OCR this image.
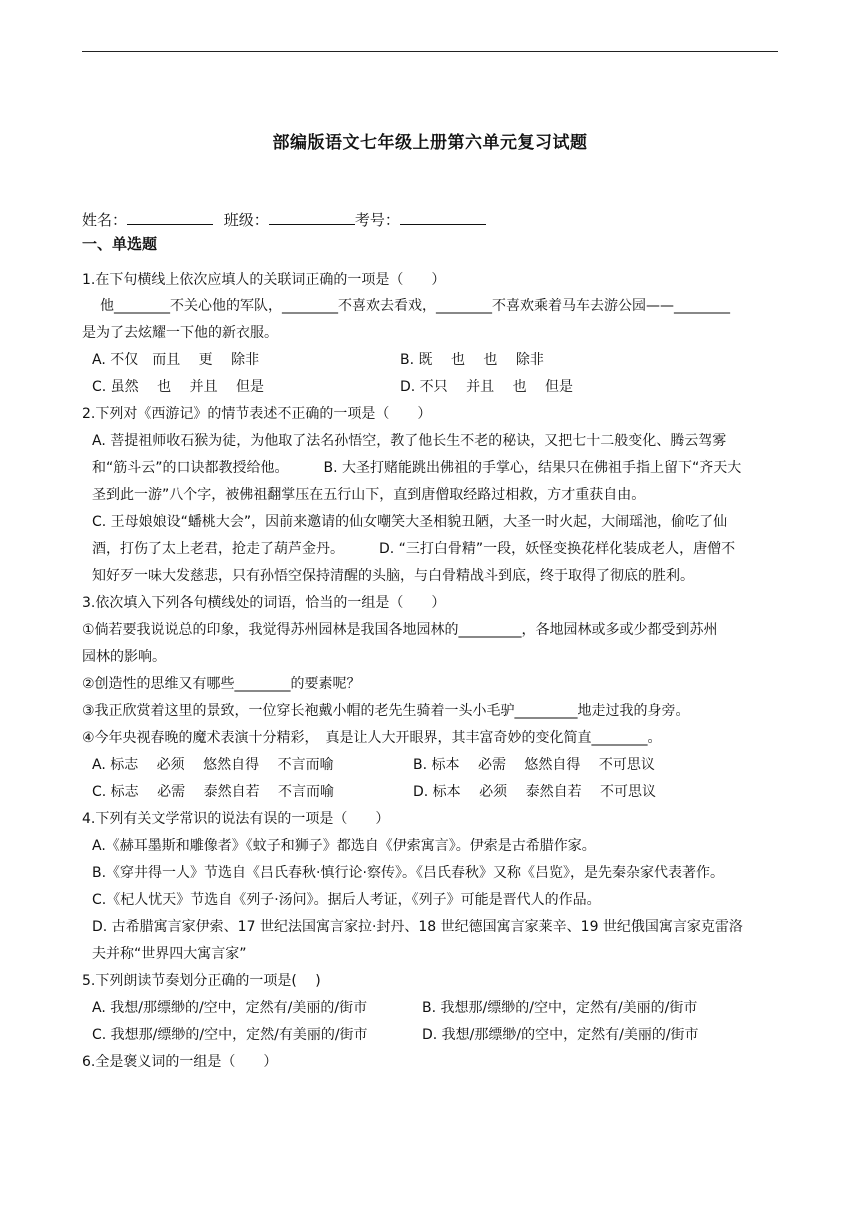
部编版语文七年级上册第六单元复习试题
姓名：	班级：	考号：
一、单选题
1.在下句横线上依次应填人的关联词正确的一项是（　　）
他________不关心他的军队，________不喜欢去看戏，________不喜欢乘着马车去游公园——________
是为了去炫耀一下他的新衣服。
A. 不仅　而且　 更　 除非	B. 既　 也　 也　 除非
C. 虽然　 也　 并且　 但是	D. 不只　 并且　 也　 但是
2.下列对《西游记》的情节表述不正确的一项是（　　）
A. 菩提祖师收石猴为徒，为他取了法名孙悟空，教了他长生不老的秘诀，又把七十二般变化、腾云驾雾
和“筋斗云”的口诀都教授给他。　　　B. 大圣打赌能跳出佛祖的手掌心，结果只在佛祖手指上留下“齐天大
圣到此一游”八个字，被佛祖翻掌压在五行山下，直到唐僧取经路过相救，方才重获自由。
C. 王母娘娘设“蟠桃大会”，因前来邀请的仙女嘲笑大圣相貌丑陋，大圣一时火起，大闹瑶池，偷吃了仙
酒，打伤了太上老君，抢走了葫芦金丹。　　　D. “三打白骨精”一段，妖怪变换花样化装成老人，唐僧不
知好歹一味大发慈悲，只有孙悟空保持清醒的头脑，与白骨精战斗到底，终于取得了彻底的胜利。
3.依次填入下列各句横线处的词语，恰当的一组是（　　）
①倘若要我说说总的印象，我觉得苏州园林是我国各地园林的_________，各地园林或多或少都受到苏州
园林的影响。
②创造性的思维又有哪些________的要素呢？
③我正欣赏着这里的景致，一位穿长袍戴小帽的老先生骑着一头小毛驴_________地走过我的身旁。
④今年央视春晚的魔术表演十分精彩，　真是让人大开眼界，其丰富奇妙的变化简直________。
A. 标志　 必须　 悠然自得　 不言而喻	B. 标本　 必需　 悠然自得　 不可思议
C. 标志　 必需　 泰然自若　 不言而喻	D. 标本　 必须　 泰然自若　 不可思议
4.下列有关文学常识的说法有误的一项是（　　）
A.《赫耳墨斯和雕像者》《蚊子和狮子》都选自《伊索寓言》。伊索是古希腊作家。
B.《穿井得一人》节选自《吕氏春秋·慎行论·察传》。《吕氏春秋》又称《吕览》，是先秦杂家代表著作。
C.《杞人忧天》节选自《列子·汤问》。据后人考证，《列子》可能是晋代人的作品。
D. 古希腊寓言家伊索、17 世纪法国寓言家拉·封丹、18 世纪德国寓言家莱辛、19 世纪俄国寓言家克雷洛
夫并称“世界四大寓言家”
5.下列朗读节奏划分正确的一项是(　 )
A. 我想/那缥缈的/空中，定然有/美丽的/街市	B. 我想那/缥缈的/空中，定然有/美丽的/街市
C. 我想那/缥缈的/空中，定然/有美丽的/街市	D. 我想/那缥缈/的空中，定然有/美丽的/街市
6.全是褒义词的一组是（　　）
